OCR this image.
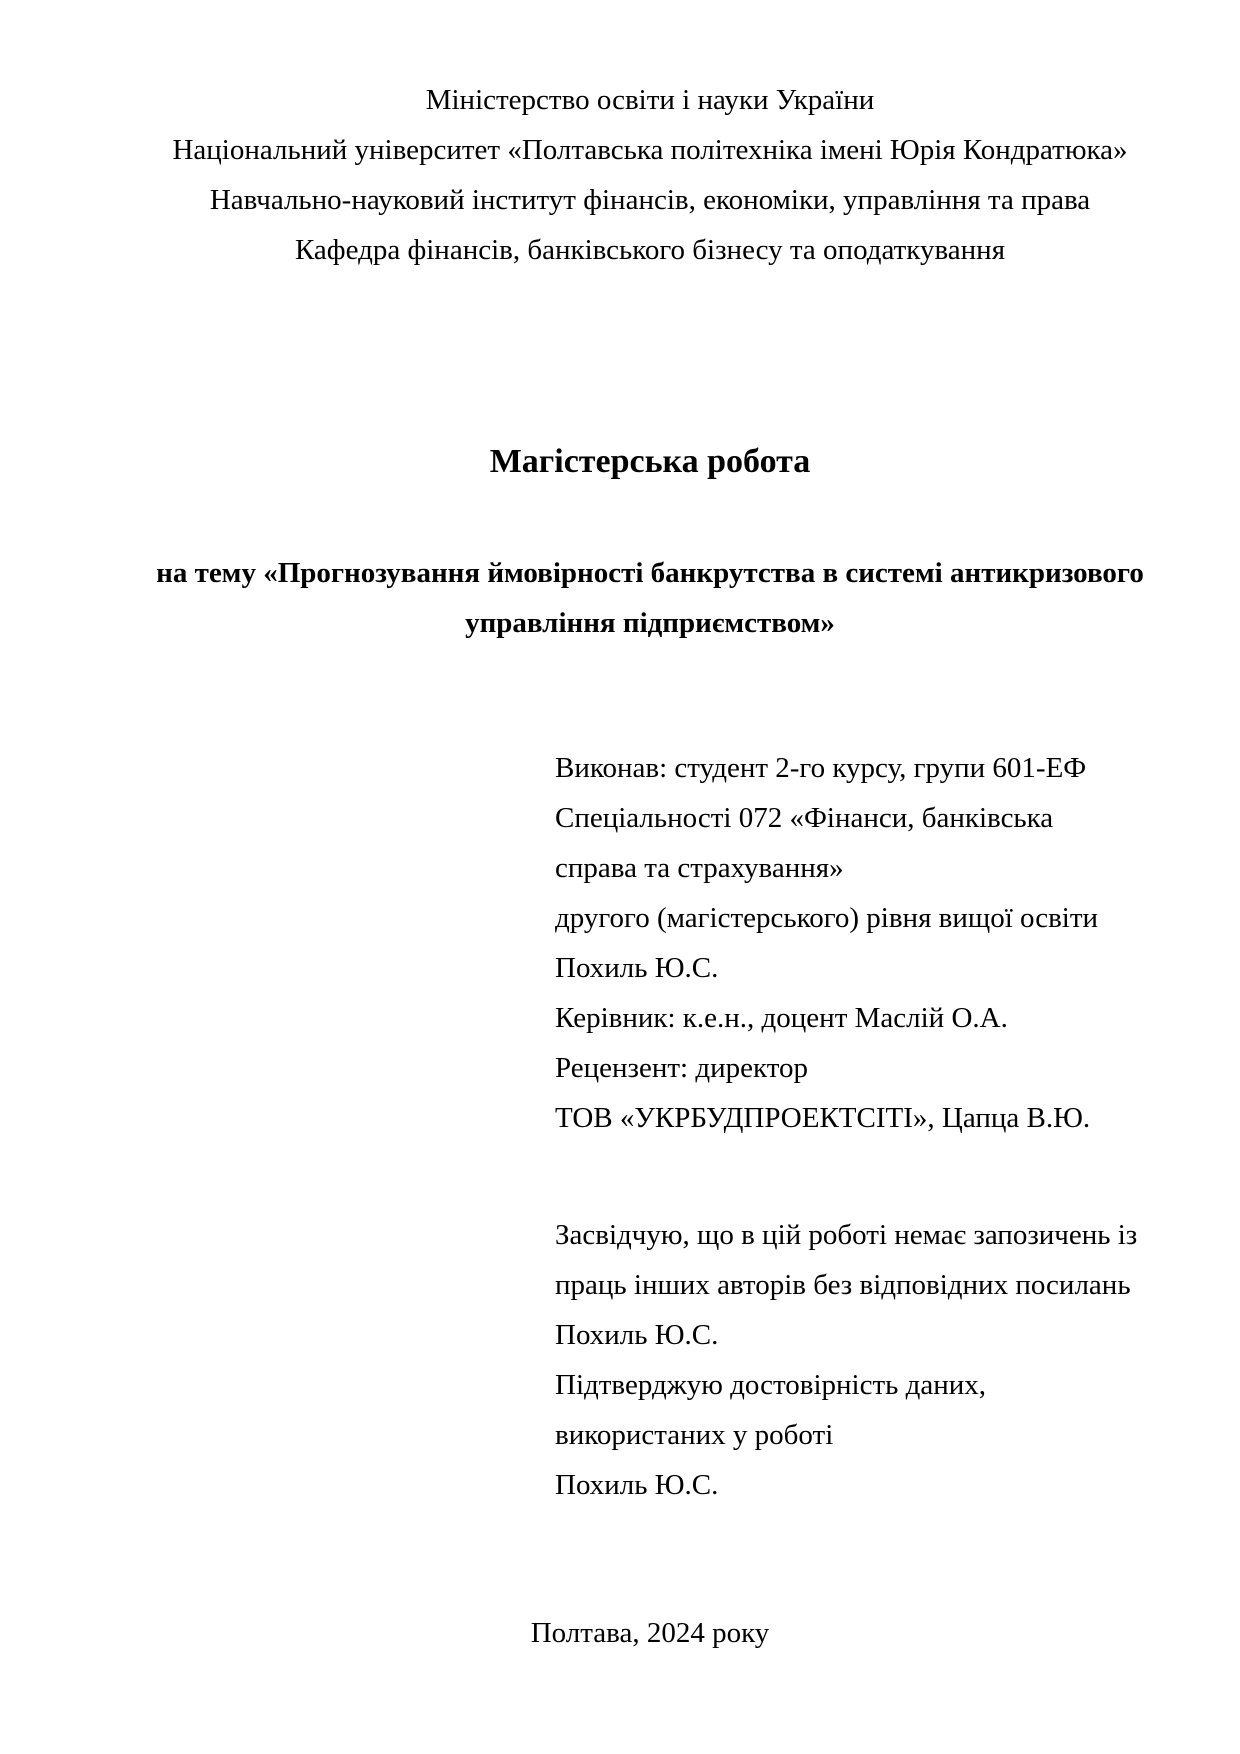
Міністерство освіти і науки України
Національний університет «Полтавська політехніка імені Юрія Кондратюка»
Навчально-науковий інститут фінансів, економіки, управління та права
Кафедра фінансів, банківського бізнесу та оподаткування
Магістерська робота
на тему «Прогнозування ймовірності банкрутства в системі антикризового управління підприємством»
Виконав: студент 2-го курсу, групи 601-ЕФ
Спеціальності 072 «Фінанси, банківська
справа та страхування»
другого (магістерського) рівня вищої освіти
Похиль Ю.С.
Керівник: к.е.н., доцент Маслій О.А.
Рецензент: директор
ТОВ «УКРБУДПРОЕКТСІТІ», Цапца В.Ю.
Засвідчую, що в цій роботі немає запозичень із
праць інших авторів без відповідних посилань
Похиль Ю.С.
Підтверджую достовірність даних,
використаних у роботі
Похиль Ю.С.
Полтава, 2024 року
